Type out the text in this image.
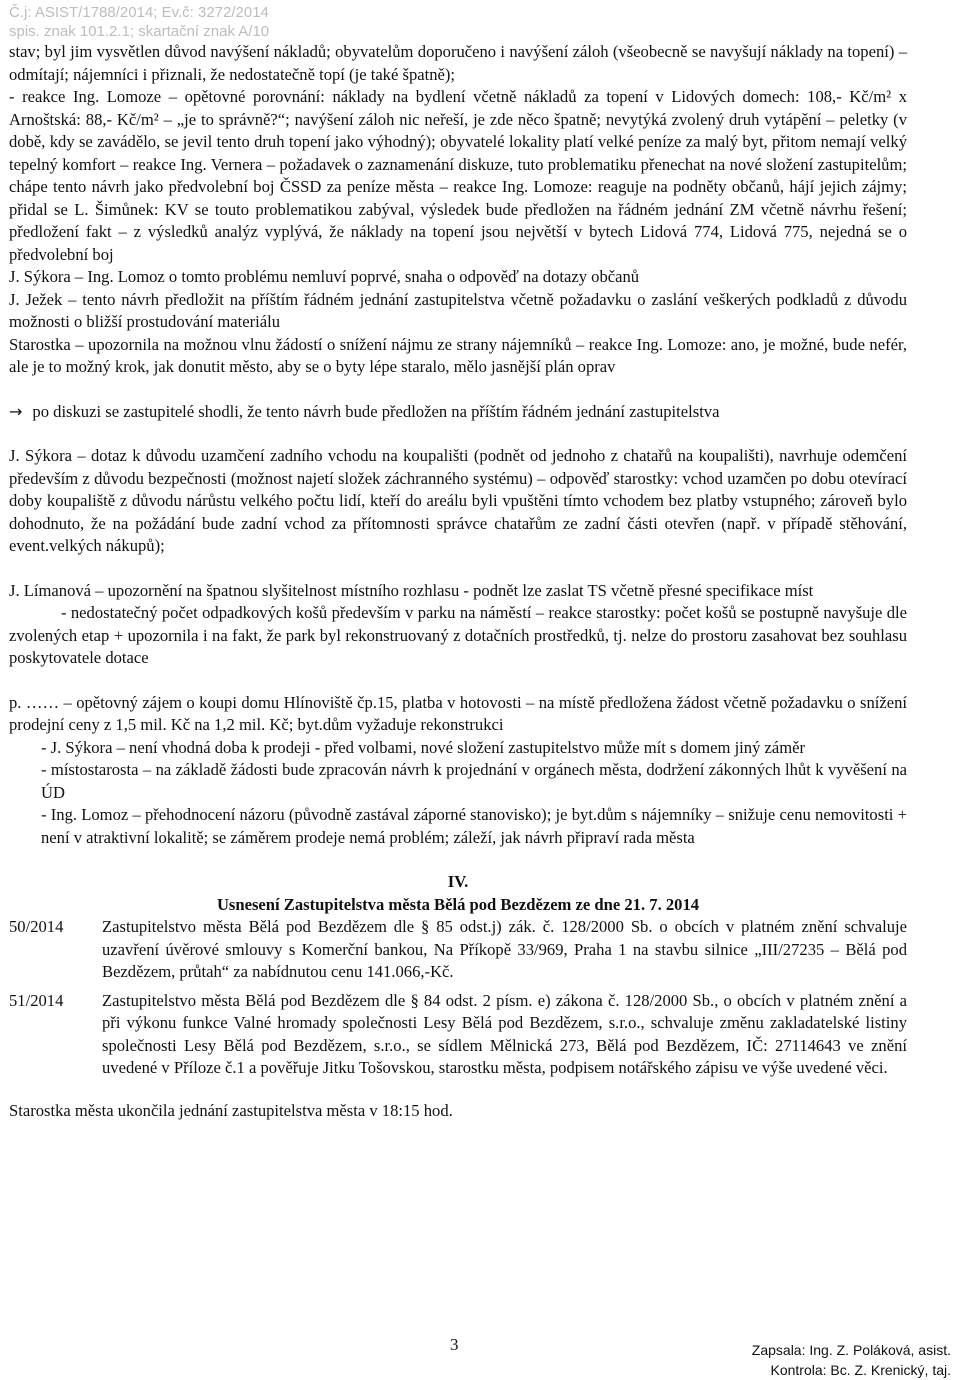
Č.j: ASIST/1788/2014; Ev.č: 3272/2014
spis. znak 101.2.1; skartační znak A/10

stav; byl jim vysvětlen důvod navýšení nákladů; obyvatelům doporučeno i navýšení záloh (všeobecně se navyšují náklady na topení) – odmítají; nájemníci i přiznali, že nedostatečně topí (je také špatně);

- reakce Ing. Lomoze – opětovné porovnání: náklady na bydlení včetně nákladů za topení v Lidových domech: 108,- Kč/m² x Arnoštská: 88,- Kč/m² – „je to správně?“; navýšení záloh nic neřeší, je zde něco špatně; nevytýká zvolený druh vytápění – peletky (v době, kdy se zavádělo, se jevil tento druh topení jako výhodný); obyvatelé lokality platí velké peníze za malý byt, přitom nemají velký tepelný komfort – reakce Ing. Vernera – požadavek o zaznamenání diskuze, tuto problematiku přenechat na nové složení zastupitelům; chápe tento návrh jako předvolební boj ČSSD za peníze města – reakce Ing. Lomoze: reaguje na podněty občanů, hájí jejich zájmy; přidal se L. Šimůnek: KV se touto problematikou zabýval, výsledek bude předložen na řádném jednání ZM včetně návrhu řešení; předložení fakt – z výsledků analýz vyplývá, že náklady na topení jsou největší v bytech Lidová 774, Lidová 775, nejedná se o předvolební boj

J. Sýkora – Ing. Lomoz o tomto problému nemluví poprvé, snaha o odpověď na dotazy občanů

J. Ježek – tento návrh předložit na příštím řádném jednání zastupitelstva včetně požadavku o zaslání veškerých podkladů z důvodu možnosti o bližší prostudování materiálu

Starostka – upozornila na možnou vlnu žádostí o snížení nájmu ze strany nájemníků – reakce Ing. Lomoze: ano, je možné, bude nefér, ale je to možný krok, jak donutit město, aby se o byty lépe staralo, mělo jasnější plán oprav

→ po diskuzi se zastupitelé shodli, že tento návrh bude předložen na příštím řádném jednání zastupitelstva

J. Sýkora – dotaz k důvodu uzamčení zadního vchodu na koupališti (podnět od jednoho z chatařů na koupališti), navrhuje odemčení především z důvodu bezpečnosti (možnost najetí složek záchranného systému) – odpověď starostky: vchod uzamčen po dobu otevírací doby koupaliště z důvodu nárůstu velkého počtu lidí, kteří do areálu byli vpuštěni tímto vchodem bez platby vstupného; zároveň bylo dohodnuto, že na požádání bude zadní vchod za přítomnosti správce chatařům ze zadní části otevřen (např. v případě stěhování, event.velkých nákupů);

J. Límanová – upozornění na špatnou slyšitelnost místního rozhlasu - podnět lze zaslat TS včetně přesné specifikace míst

- nedostatečný počet odpadkových košů především v parku na náměstí – reakce starostky: počet košů se postupně navyšuje dle zvolených etap + upozornila i na fakt, že park byl rekonstruovaný z dotačních prostředků, tj. nelze do prostoru zasahovat bez souhlasu poskytovatele dotace

p. …… – opětovný zájem o koupi domu Hlínoviště čp.15, platba v hotovosti – na místě předložena žádost včetně požadavku o snížení prodejní ceny z 1,5 mil. Kč na 1,2 mil. Kč; byt.dům vyžaduje rekonstrukci

- J. Sýkora – není vhodná doba k prodeji - před volbami, nové složení zastupitelstvo může mít s domem jiný záměr

- místostarosta – na základě žádosti bude zpracován návrh k projednání v orgánech města, dodržení zákonných lhůt k vyvěšení na ÚD

- Ing. Lomoz – přehodnocení názoru (původně zastával záporné stanovisko); je byt.dům s nájemníky – snižuje cenu nemovitosti + není v atraktivní lokalitě; se záměrem prodeje nemá problém; záleží, jak návrh připraví rada města

IV.
Usnesení Zastupitelstva města Bělá pod Bezdězem ze dne 21. 7. 2014
50/2014	Zastupitelstvo města Bělá pod Bezdězem dle § 85 odst.j) zák. č. 128/2000 Sb. o obcích v platném znění schvaluje uzavření úvěrové smlouvy s Komerční bankou, Na Příkopě 33/969, Praha 1 na stavbu silnice „III/27235 – Bělá pod Bezdězem, průtah“ za nabídnutou cenu 141.066,-Kč.
51/2014	Zastupitelstvo města Bělá pod Bezdězem dle § 84 odst. 2 písm. e) zákona č. 128/2000 Sb., o obcích v platném znění a při výkonu funkce Valné hromady společnosti Lesy Bělá pod Bezdězem, s.r.o., schvaluje změnu zakladatelské listiny společnosti Lesy Bělá pod Bezdězem, s.r.o., se sídlem Mělnická 273, Bělá pod Bezdězem, IČ: 27114643 ve znění uvedené v Příloze č.1 a pověřuje Jitku Tošovskou, starostku města, podpisem notářského zápisu ve výše uvedené věci.

Starostka města ukončila jednání zastupitelstva města v 18:15 hod.

3	Zapsala: Ing. Z. Poláková, asist.
Kontrola: Bc. Z. Krenický, taj.
